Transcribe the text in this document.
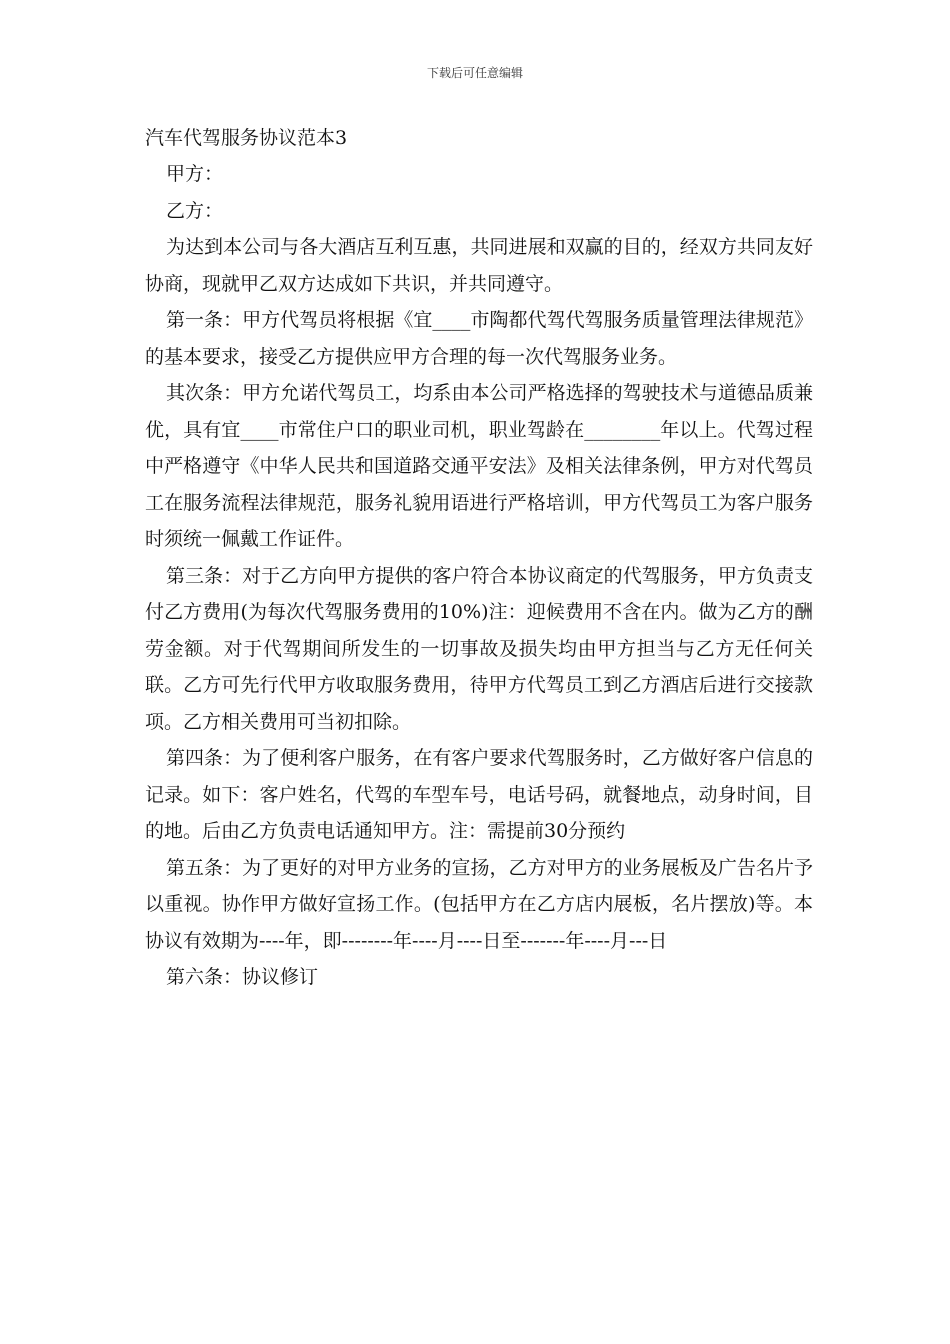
下载后可任意编辑
汽车代驾服务协议范本3

甲方：

乙方：

为达到本公司与各大酒店互利互惠，共同进展和双赢的目的，经双方共同友好协商，现就甲乙双方达成如下共识，并共同遵守。

第一条：甲方代驾员将根据《宜____市陶都代驾代驾服务质量管理法律规范》的基本要求，接受乙方提供应甲方合理的每一次代驾服务业务。

其次条：甲方允诺代驾员工，均系由本公司严格选择的驾驶技术与道德品质兼优，具有宜____市常住户口的职业司机，职业驾龄在________年以上。代驾过程中严格遵守《中华人民共和国道路交通平安法》及相关法律条例，甲方对代驾员工在服务流程法律规范，服务礼貌用语进行严格培训，甲方代驾员工为客户服务时须统一佩戴工作证件。

第三条：对于乙方向甲方提供的客户符合本协议商定的代驾服务，甲方负责支付乙方费用(为每次代驾服务费用的10%)注：迎候费用不含在内。做为乙方的酬劳金额。对于代驾期间所发生的一切事故及损失均由甲方担当与乙方无任何关联。乙方可先行代甲方收取服务费用，待甲方代驾员工到乙方酒店后进行交接款项。乙方相关费用可当初扣除。

第四条：为了便利客户服务，在有客户要求代驾服务时，乙方做好客户信息的记录。如下：客户姓名，代驾的车型车号，电话号码，就餐地点，动身时间，目的地。后由乙方负责电话通知甲方。注：需提前30分预约

第五条：为了更好的对甲方业务的宣扬，乙方对甲方的业务展板及广告名片予以重视。协作甲方做好宣扬工作。(包括甲方在乙方店内展板，名片摆放)等。本协议有效期为----年，即--------年----月----日至-------年----月---日

第六条：协议修订
